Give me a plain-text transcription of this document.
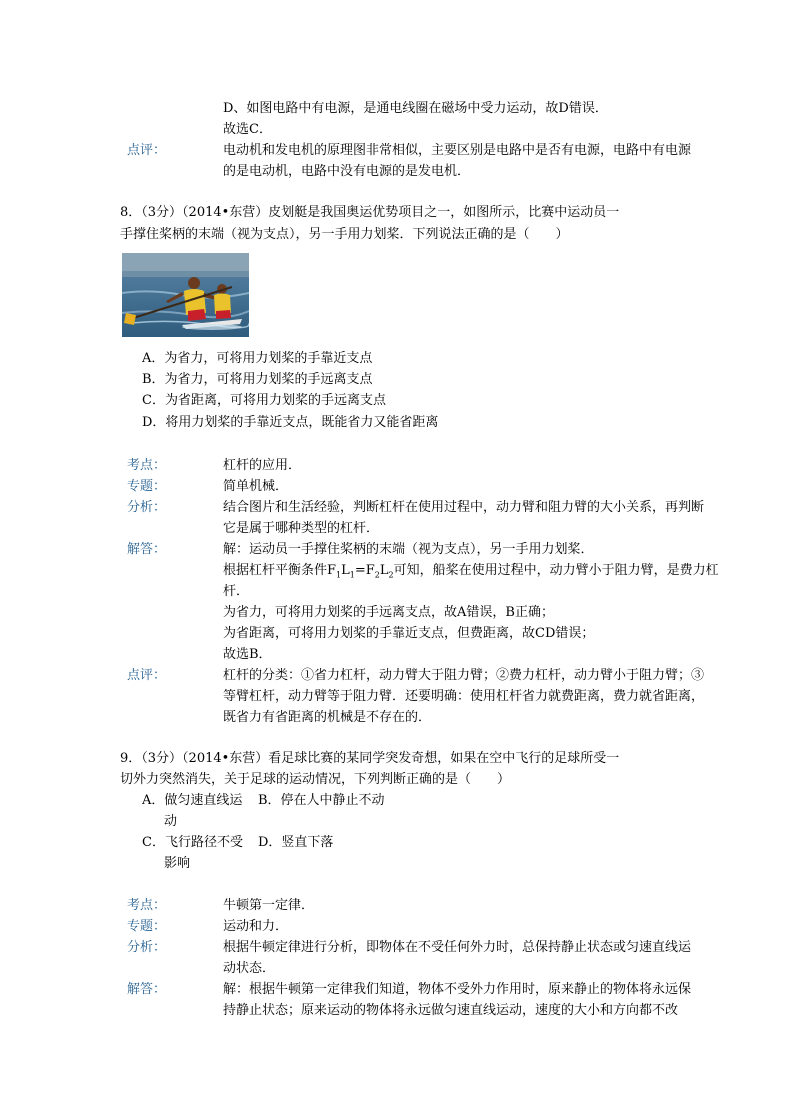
D、如图电路中有电源，是通电线圈在磁场中受力运动，故D错误．
故选C．
点评：	电动机和发电机的原理图非常相似，主要区别是电路中是否有电源，电路中有电源
的是电动机，电路中没有电源的是发电机．
8．（3分）（2014•东营）皮划艇是我国奥运优势项目之一，如图所示，比赛中运动员一
手撑住桨柄的末端（视为支点），另一手用力划桨．下列说法正确的是（　　）
A．为省力，可将用力划桨的手靠近支点
B．为省力，可将用力划桨的手远离支点
C．为省距离，可将用力划桨的手远离支点
D．将用力划桨的手靠近支点，既能省力又能省距离
考点：	杠杆的应用．
专题：	简单机械．
分析：	结合图片和生活经验，判断杠杆在使用过程中，动力臂和阻力臂的大小关系，再判断
它是属于哪种类型的杠杆．
解答：	解：运动员一手撑住桨柄的末端（视为支点），另一手用力划桨．
根据杠杆平衡条件$F_1L_1=F_2L_2$可知，船桨在使用过程中，动力臂小于阻力臂，是费力杠
杆．
为省力，可将用力划桨的手远离支点，故A错误，B正确；
为省距离，可将用力划桨的手靠近支点，但费距离，故CD错误；
故选B．
点评：	杠杆的分类：①省力杠杆，动力臂大于阻力臂；②费力杠杆，动力臂小于阻力臂；③
等臂杠杆，动力臂等于阻力臂．还要明确：使用杠杆省力就费距离，费力就省距离，
既省力有省距离的机械是不存在的．
9．（3分）（2014•东营）看足球比赛的某同学突发奇想，如果在空中飞行的足球所受一
切外力突然消失，关于足球的运动情况，下列判断正确的是（　　）
A．做匀速直线运 B．停在人中静止不动
动
C．飞行路径不受 D．竖直下落
影响
考点：	牛顿第一定律．
专题：	运动和力．
分析：	根据牛顿定律进行分析，即物体在不受任何外力时，总保持静止状态或匀速直线运
动状态．
解答：	解：根据牛顿第一定律我们知道，物体不受外力作用时，原来静止的物体将永远保
持静止状态；原来运动的物体将永远做匀速直线运动，速度的大小和方向都不改
